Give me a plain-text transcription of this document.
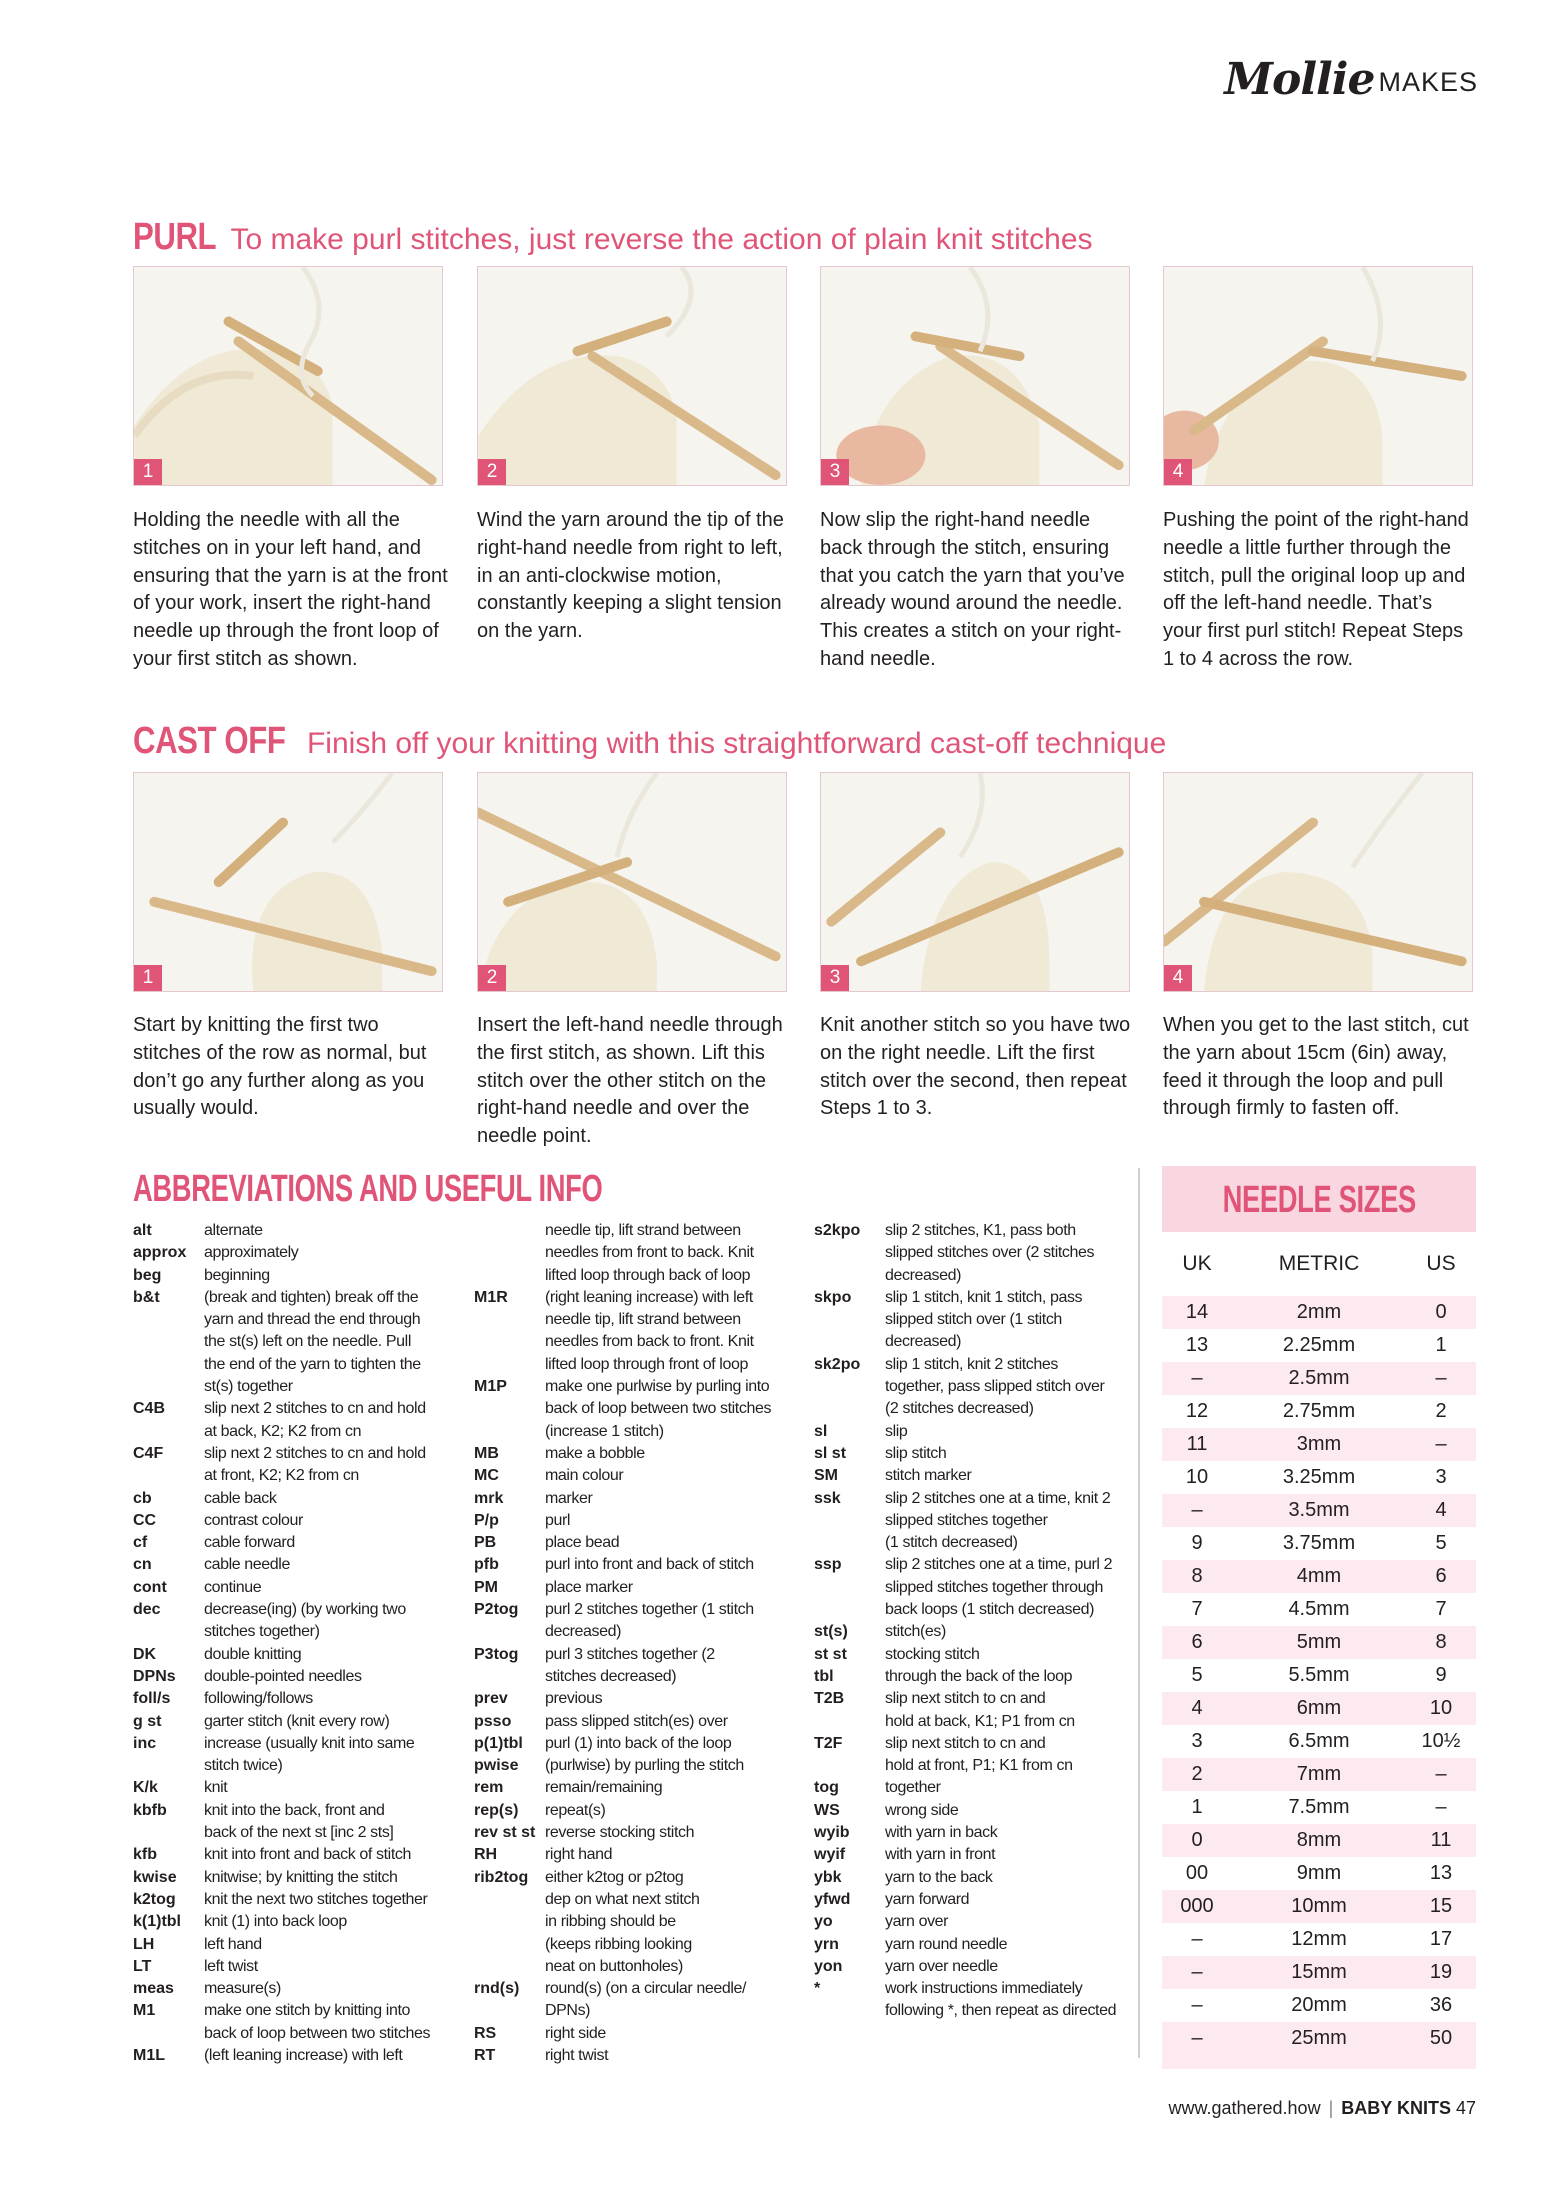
Mollie MAKES
PURL To make purl stitches, just reverse the action of plain knit stitches
1	2	3	4
Holding the needle with all the stitches on in your left hand, and ensuring that the yarn is at the front of your work, insert the right-hand needle up through the front loop of your first stitch as shown.
Wind the yarn around the tip of the right-hand needle from right to left, in an anti-clockwise motion, constantly keeping a slight tension on the yarn.
Now slip the right-hand needle back through the stitch, ensuring that you catch the yarn that you’ve already wound around the needle. This creates a stitch on your right-hand needle.
Pushing the point of the right-hand needle a little further through the stitch, pull the original loop up and off the left-hand needle. That’s your first purl stitch! Repeat Steps 1 to 4 across the row.
CAST OFF Finish off your knitting with this straightforward cast-off technique
1	2	3	4
Start by knitting the first two stitches of the row as normal, but don’t go any further along as you usually would.
Insert the left-hand needle through the first stitch, as shown. Lift this stitch over the other stitch on the right-hand needle and over the needle point.
Knit another stitch so you have two on the right needle. Lift the first stitch over the second, then repeat Steps 1 to 3.
When you get to the last stitch, cut the yarn about 15cm (6in) away, feed it through the loop and pull through firmly to fasten off.
ABBREVIATIONS AND USEFUL INFO
alt	alternate
approx	approximately
beg	beginning
b&t	(break and tighten) break off the
yarn and thread the end through
the st(s) left on the needle. Pull
the end of the yarn to tighten the
st(s) together
C4B	slip next 2 stitches to cn and hold
at back, K2; K2 from cn
C4F	slip next 2 stitches to cn and hold
at front, K2; K2 from cn
cb	cable back
CC	contrast colour
cf	cable forward
cn	cable needle
cont	continue
dec	decrease(ing) (by working two
stitches together)
DK	double knitting
DPNs	double-pointed needles
foll/s	following/follows
g st	garter stitch (knit every row)
inc	increase (usually knit into same
stitch twice)
K/k	knit
kbfb	knit into the back, front and
back of the next st [inc 2 sts]
kfb	knit into front and back of stitch
kwise	knitwise; by knitting the stitch
k2tog	knit the next two stitches together
k(1)tbl	knit (1) into back loop
LH	left hand
LT	left twist
meas	measure(s)
M1	make one stitch by knitting into
back of loop between two stitches
M1L	(left leaning increase) with left
needle tip, lift strand between
needles from front to back. Knit
lifted loop through back of loop
M1R	(right leaning increase) with left
needle tip, lift strand between
needles from back to front. Knit
lifted loop through front of loop
M1P	make one purlwise by purling into
back of loop between two stitches
(increase 1 stitch)
MB	make a bobble
MC	main colour
mrk	marker
P/p	purl
PB	place bead
pfb	purl into front and back of stitch
PM	place marker
P2tog	purl 2 stitches together (1 stitch
decreased)
P3tog	purl 3 stitches together (2
stitches decreased)
prev	previous
psso	pass slipped stitch(es) over
p(1)tbl	purl (1) into back of the loop
pwise	(purlwise) by purling the stitch
rem	remain/remaining
rep(s)	repeat(s)
rev st st reverse stocking stitch
RH	right hand
rib2tog	either k2tog or p2tog
dep on what next stitch
in ribbing should be
(keeps ribbing looking
neat on buttonholes)
rnd(s)	round(s) (on a circular needle/
DPNs)
RS	right side
RT	right twist
s2kpo	slip 2 stitches, K1, pass both
slipped stitches over (2 stitches
decreased)
skpo	slip 1 stitch, knit 1 stitch, pass
slipped stitch over (1 stitch
decreased)
sk2po	slip 1 stitch, knit 2 stitches
together, pass slipped stitch over
(2 stitches decreased)
sl	slip
sl st	slip stitch
SM	stitch marker
ssk	slip 2 stitches one at a time, knit 2
slipped stitches together
(1 stitch decreased)
ssp	slip 2 stitches one at a time, purl 2
slipped stitches together through
back loops (1 stitch decreased)
st(s)	stitch(es)
st st	stocking stitch
tbl	through the back of the loop
T2B	slip next stitch to cn and
hold at back, K1; P1 from cn
T2F	slip next stitch to cn and
hold at front, P1; K1 from cn
tog	together
WS	wrong side
wyib	with yarn in back
wyif	with yarn in front
ybk	yarn to the back
yfwd	yarn forward
yo	yarn over
yrn	yarn round needle
yon	yarn over needle
*	work instructions immediately
following *, then repeat as directed
NEEDLE SIZES
UK	METRIC	US
14	2mm	0
13	2.25mm	1
–	2.5mm	–
12	2.75mm	2
11	3mm	–
10	3.25mm	3
–	3.5mm	4
9	3.75mm	5
8	4mm	6
7	4.5mm	7
6	5mm	8
5	5.5mm	9
4	6mm	10
3	6.5mm	10½
2	7mm	–
1	7.5mm	–
0	8mm	11
00	9mm	13
000	10mm	15
–	12mm	17
–	15mm	19
–	20mm	36
–	25mm	50
www.gathered.how | BABY KNITS 47
